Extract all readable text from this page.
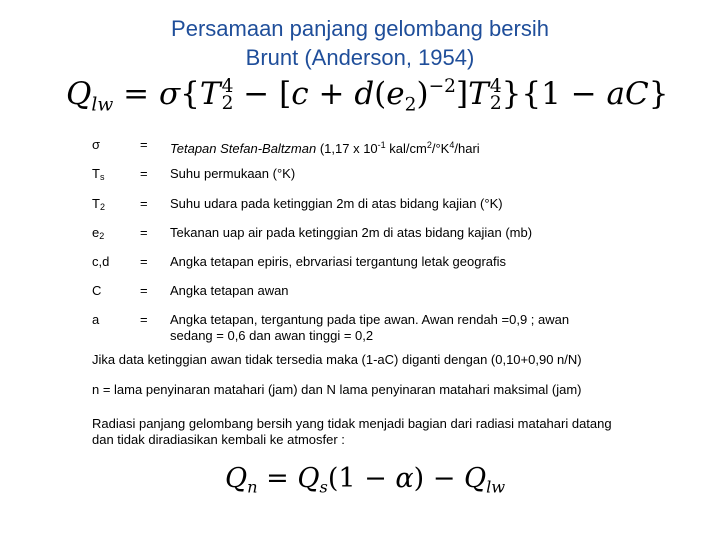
Persamaan panjang gelombang bersih
Brunt (Anderson, 1954)
$Q_{lw} = \sigma\{T$ 4
$2 - [c + d(e_2)^{-2}]T$ 4
2 }{1 − aC}
σ	= Tetapan Stefan-Baltzman (1,17 x $10^{-1}$ kal/$cm^2/^\circ K^4$/hari
Ts	= Suhu permukaan (°K)
T2	= Suhu udara pada ketinggian 2m di atas bidang kajian (°K)
e2	= Tekanan uap air pada ketinggian 2m di atas bidang kajian (mb)
c,d = Angka tetapan epiris, ebrvariasi tergantung letak geografis
C	= Angka tetapan awan
a	= Angka tetapan, tergantung pada tipe awan. Awan rendah =0,9 ; awan sedang = 0,6 dan awan tinggi = 0,2
Jika data ketinggian awan tidak tersedia maka (1-aC) diganti dengan (0,10+0,90 n/N)
n = lama penyinaran matahari (jam) dan N lama penyinaran matahari maksimal (jam)
Radiasi panjang gelombang bersih yang tidak menjadi bagian dari radiasi matahari datang dan tidak diradiasikan kembali ke atmosfer :
$Q_n = Q_s(1 - \alpha) - Q_{lw}$
